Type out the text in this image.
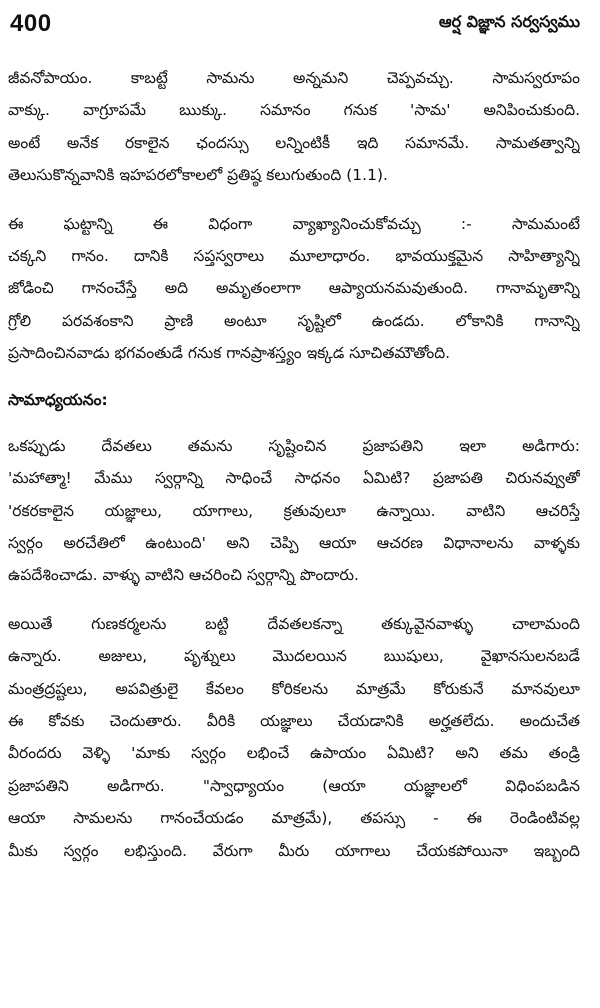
400	ఆర్ష విజ్ఞాన సర్వస్వము
జీవనోపాయం. కాబట్టే సామను అన్నమని చెప్పవచ్చు. సామస్వరూపం
వాక్కు. వాగ్రూపమే ఋక్కు. సమానం గనుక 'సామ' అనిపించుకుంది.
అంటే అనేక రకాలైన ఛందస్సు లన్నింటికీ ఇది సమానమే. సామతత్వాన్ని
తెలుసుకొన్నవానికి ఇహపరలోకాలలో ప్రతిష్ఠ కలుగుతుంది (1.1).
ఈ ఘట్టాన్ని ఈ విధంగా వ్యాఖ్యానించుకోవచ్చు :- సామమంటే
చక్కని గానం. దానికి సప్తస్వరాలు మూలాధారం. భావయుక్తమైన సాహిత్యాన్ని
జోడించి గానంచేస్తే అది అమృతంలాగా ఆప్యాయనమవుతుంది. గానామృతాన్ని
గ్రోలి పరవశంకాని ప్రాణి అంటూ సృష్టిలో ఉండదు. లోకానికి గానాన్ని
ప్రసాదించినవాడు భగవంతుడే గనుక గానప్రాశస్త్యం ఇక్కడ సూచితమౌతోంది.
సామాధ్యయనం:
ఒకప్పుడు దేవతలు తమను సృష్టించిన ప్రజాపతిని ఇలా అడిగారు:
'మహాత్మా! మేము స్వర్గాన్ని సాధించే సాధనం ఏమిటి? ప్రజాపతి చిరునవ్వుతో
'రకరకాలైన యజ్ఞాలు, యాగాలు, క్రతువులూ ఉన్నాయి. వాటిని ఆచరిస్తే
స్వర్గం అరచేతిలో ఉంటుంది' అని చెప్పి ఆయా ఆచరణ విధానాలను వాళ్ళకు
ఉపదేశించాడు. వాళ్ళు వాటిని ఆచరించి స్వర్గాన్ని పొందారు.
అయితే గుణకర్మలను బట్టి దేవతలకన్నా తక్కువైనవాళ్ళు చాలామంది
ఉన్నారు. అజులు, పృశ్నులు మొదలయిన ఋషులు, వైఖానసులనబడే
మంత్రద్రష్టలు, అపవిత్రులై కేవలం కోరికలను మాత్రమే కోరుకునే మానవులూ
ఈ కోవకు చెందుతారు. వీరికి యజ్ఞాలు చేయడానికి అర్హతలేదు. అందుచేత
వీరందరు వెళ్ళి 'మాకు స్వర్గం లభించే ఉపాయం ఏమిటి? అని తమ తండ్రి
ప్రజాపతిని అడిగారు. "స్వాధ్యాయం (ఆయా యజ్ఞాలలో విధింపబడిన
ఆయా సామలను గానంచేయడం మాత్రమే), తపస్సు - ఈ రెండింటివల్ల
మీకు స్వర్గం లభిస్తుంది. వేరుగా మీరు యాగాలు చేయకపోయినా ఇబ్బంది
